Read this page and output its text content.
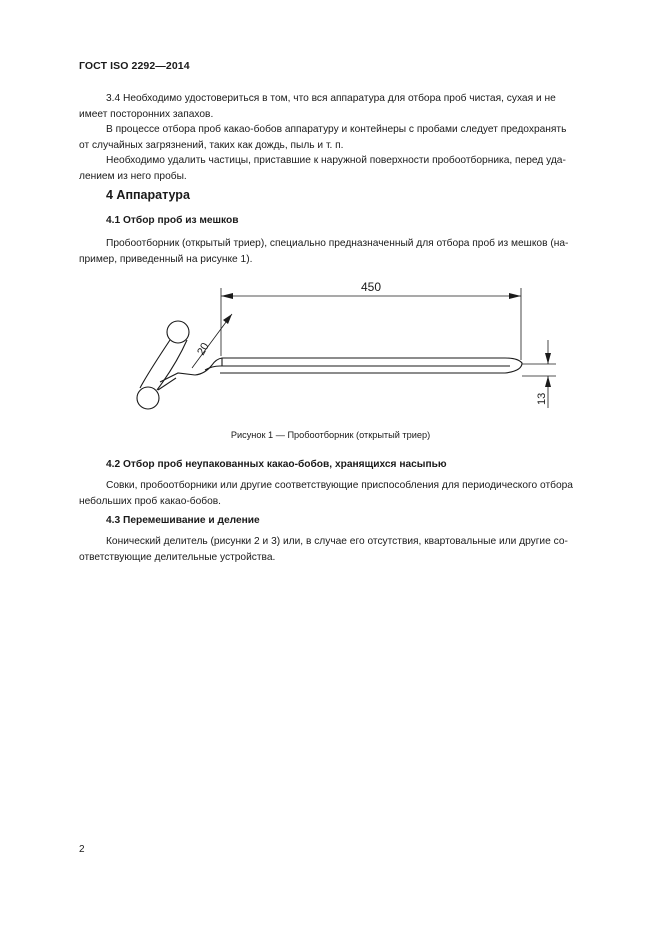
ГОСТ ISO 2292—2014
3.4 Необходимо удостовериться в том, что вся аппаратура для отбора проб чистая, сухая и не
имеет посторонних запахов.
В процессе отбора проб какао-бобов аппаратуру и контейнеры с пробами следует предохранять
от случайных загрязнений, таких как дождь, пыль и т. п.
Необходимо удалить частицы, приставшие к наружной поверхности пробоотборника, перед уда-
лением из него пробы.
4 Аппаратура
4.1 Отбор проб из мешков
Пробоотборник (открытый триер), специально предназначенный для отбора проб из мешков (на-
пример, приведенный на рисунке 1).
450
20
13
Рисунок 1 — Пробоотборник (открытый триер)
4.2 Отбор проб неупакованных какао-бобов, хранящихся насыпью
Совки, пробоотборники или другие соответствующие приспособления для периодического отбора
небольших проб какао-бобов.
4.3 Перемешивание и деление
Конический делитель (рисунки 2 и 3) или, в случае его отсутствия, квартовальные или другие со-
ответствующие делительные устройства.
2
